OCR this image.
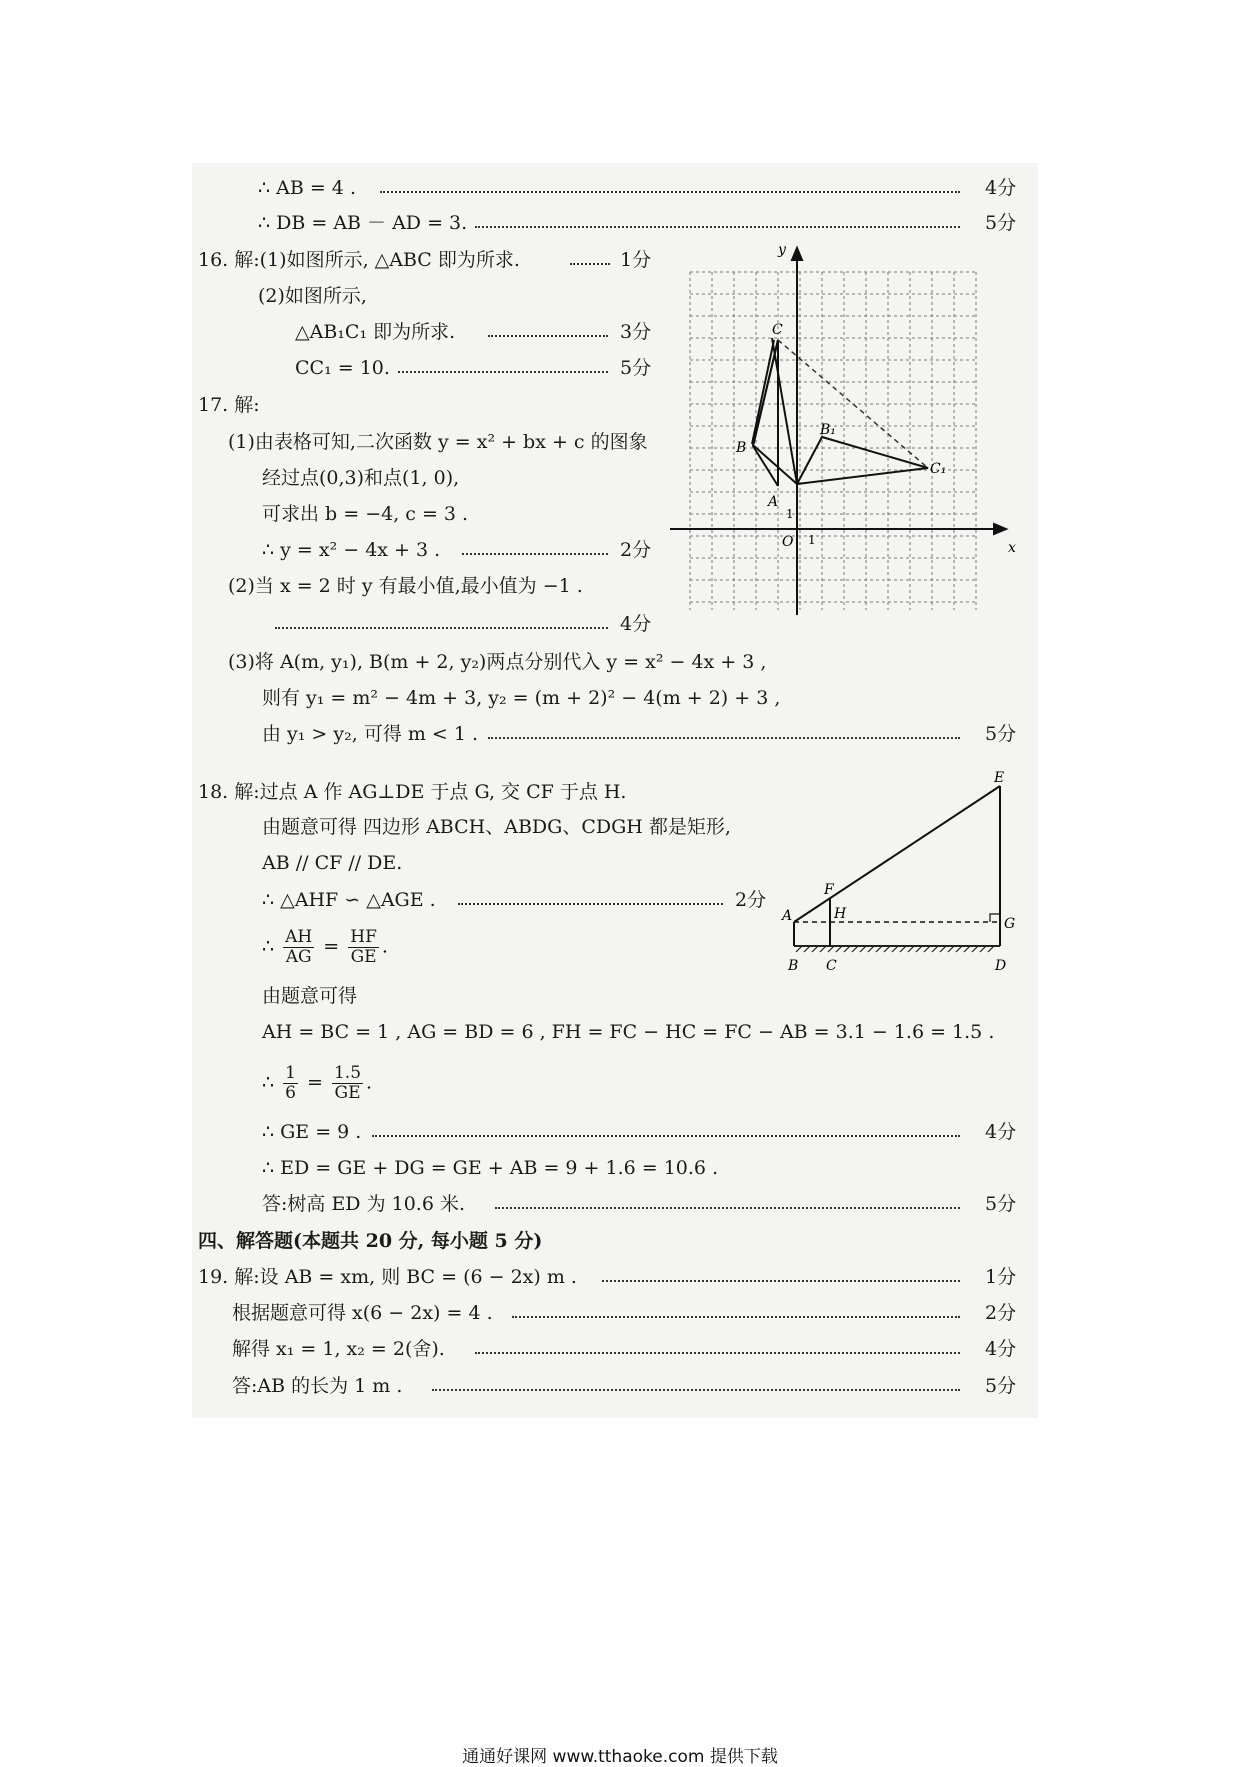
∴ AB = 4 .	4分
∴ DB = AB － AD = 3.	5分
16. 解:(1)如图所示, △ABC 即为所求.	1分
(2)如图所示,
△AB₁C₁ 即为所求.	3分
CC₁ = 10.	5分
17. 解:
(1)由表格可知,二次函数 y = x² + bx + c 的图象
经过点(0,3)和点(1, 0),
可求出 b = −4, c = 3 .
∴ y = x² − 4x + 3 .	2分
(2)当 x = 2 时 y 有最小值,最小值为 −1 .
4分
(3)将 A(m, y₁), B(m + 2, y₂)两点分别代入 y = x² − 4x + 3 ,
则有 y₁ = m² − 4m + 3, y₂ = (m + 2)² − 4(m + 2) + 3 ,
由 y₁ > y₂, 可得 m < 1 .	5分
18. 解:过点 A 作 AG⊥DE 于点 G, 交 CF 于点 H.
由题意可得 四边形 ABCH、ABDG、CDGH 都是矩形,
AB // CF // DE.
∴ △AHF ∽ △AGE .	2分
∴ $\frac{AH}{AG} = \frac{HF}{GE}$ .
由题意可得
AH = BC = 1 , AG = BD = 6 , FH = FC − HC = FC − AB = 3.1 − 1.6 = 1.5 .
∴ $\frac{1}{6} = \frac{1.5}{GE}$ .
∴ GE = 9 .	4分
∴ ED = GE + DG = GE + AB = 9 + 1.6 = 10.6 .
答:树高 ED 为 10.6 米.	5分
四、解答题(本题共 20 分, 每小题 5 分)
19. 解:设 AB = xm, 则 BC = (6 − 2x) m .	1分
根据题意可得 x(6 − 2x) = 4 .	2分
解得 x₁ = 1, x₂ = 2(舍).	4分
答:AB 的长为 1 m .	5分
x
y
O 1
1
A
B
C
B₁
C₁
A
B C	D
E
F
G
H
通通好课网 www.tthaoke.com 提供下载
